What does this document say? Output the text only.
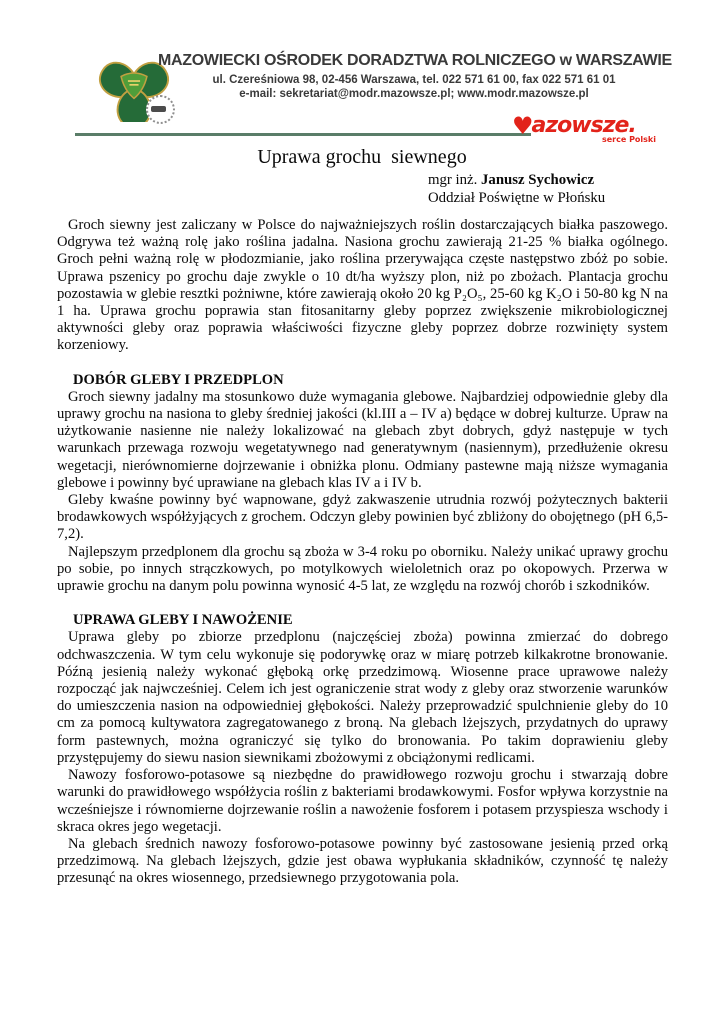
MAZOWIECKI OŚRODEK DORADZTWA ROLNICZEGO w WARSZAWIE
ul. Czereśniowa 98, 02-456 Warszawa, tel. 022 571 61 00, fax 022 571 61 01
e-mail: sekretariat@modr.mazowsze.pl; www.modr.mazowsze.pl
♥azowsze.
serce Polski
Uprawa grochu  siewnego
mgr inż. Janusz Sychowicz
Oddział Poświętne w Płońsku

Groch siewny jest zaliczany w Polsce do najważniejszych roślin dostarczających białka paszowego. Odgrywa też ważną rolę jako roślina jadalna. Nasiona grochu zawierają 21-25 % białka ogólnego. Groch pełni ważną rolę w płodozmianie, jako roślina przerywająca częste następstwo zbóż po sobie. Uprawa pszenicy po grochu daje zwykle o 10 dt/ha wyższy plon, niż po zbożach. Plantacja grochu pozostawia w glebie resztki pożniwne, które zawierają około 20 kg P₂O₅, 25-60 kg K₂O i 50-80 kg N na 1 ha. Uprawa grochu poprawia stan fitosanitarny gleby poprzez zwiększenie mikrobiologicznej aktywności gleby oraz poprawia właściwości fizyczne gleby poprzez dobrze rozwinięty system korzeniowy.

DOBÓR GLEBY I PRZEDPLON

Groch siewny jadalny ma stosunkowo duże wymagania glebowe. Najbardziej odpowiednie gleby dla uprawy grochu na nasiona to gleby średniej jakości (kl.III a – IV a) będące w dobrej kulturze. Upraw na użytkowanie nasienne nie należy lokalizować na glebach zbyt dobrych, gdyż następuje w tych warunkach przewaga rozwoju wegetatywnego nad generatywnym (nasiennym), przedłużenie okresu wegetacji, nierównomierne dojrzewanie i obniżka plonu. Odmiany pastewne mają niższe wymagania glebowe i powinny być uprawiane na glebach klas IV a i IV b.

Gleby kwaśne powinny być wapnowane, gdyż zakwaszenie utrudnia rozwój pożytecznych bakterii brodawkowych współżyjących z grochem. Odczyn gleby powinien być zbliżony do obojętnego (pH 6,5-7,2).

Najlepszym przedplonem dla grochu są zboża w 3-4 roku po oborniku. Należy unikać uprawy grochu po sobie, po innych strączkowych, po motylkowych wieloletnich oraz po okopowych. Przerwa w uprawie grochu na danym polu powinna wynosić 4-5 lat, ze względu na rozwój chorób i szkodników.

UPRAWA GLEBY I NAWOŻENIE

Uprawa gleby po zbiorze przedplonu (najczęściej zboża) powinna zmierzać do dobrego odchwaszczenia. W tym celu wykonuje się podorywkę oraz w miarę potrzeb kilkakrotne bronowanie. Późną jesienią należy wykonać głęboką orkę przedzimową. Wiosenne prace uprawowe należy rozpocząć jak najwcześniej. Celem ich jest ograniczenie strat wody z gleby oraz stworzenie warunków do umieszczenia nasion na odpowiedniej głębokości. Należy przeprowadzić spulchnienie gleby do 10 cm za pomocą kultywatora zagregatowanego z broną. Na glebach lżejszych, przydatnych do uprawy form pastewnych, można ograniczyć się tylko do bronowania. Po takim doprawieniu gleby przystępujemy do siewu nasion siewnikami zbożowymi z obciążonymi redlicami.

Nawozy fosforowo-potasowe są niezbędne do prawidłowego rozwoju grochu i stwarzają dobre warunki do prawidłowego współżycia roślin z bakteriami brodawkowymi. Fosfor wpływa korzystnie na wcześniejsze i równomierne dojrzewanie roślin a nawożenie fosforem i potasem przyspiesza wschody i skraca okres jego wegetacji.

Na glebach średnich nawozy fosforowo-potasowe powinny być zastosowane jesienią przed orką przedzimową. Na glebach lżejszych, gdzie jest obawa wypłukania składników, czynność tę należy przesunąć na okres wiosennego, przedsiewnego przygotowania pola.
